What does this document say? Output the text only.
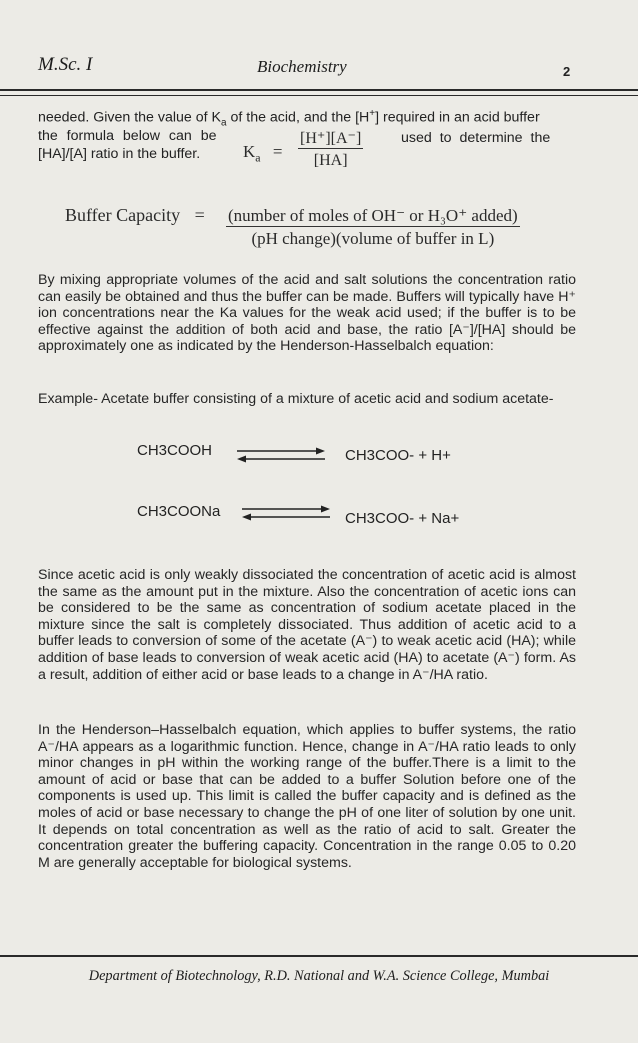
M.Sc. I	Biochemistry	2
needed. Given the value of $K_a$ of the acid, and the [H+] required in an acid buffer
the formula below can be
[HA]/[A] ratio in the buffer.
used to determine the
$K_a = \frac{[H^+][A^-]}{[HA]}$
Buffer Capacity = (number of moles of OH⁻ or H₃O⁺ added)
(pH change)(volume of buffer in L)

By mixing appropriate volumes of the acid and salt solutions the concentration ratio can easily be obtained and thus the buffer can be made. Buffers will typically have H⁺ ion concentrations near the Ka values for the weak acid used; if the buffer is to be effective against the addition of both acid and base, the ratio [A⁻]/[HA] should be approximately one as indicated by the Henderson-Hasselbalch equation:

Example- Acetate buffer consisting of a mixture of acetic acid and sodium acetate-

CH3COOH	CH3COO- + H+
CH3COONa	CH3COO- + Na+

Since acetic acid is only weakly dissociated the concentration of acetic acid is almost the same as the amount put in the mixture. Also the concentration of acetic ions can be considered to be the same as concentration of sodium acetate placed in the mixture since the salt is completely dissociated. Thus addition of acetic acid to a buffer leads to conversion of some of the acetate (A⁻) to weak acetic acid (HA); while addition of base leads to conversion of weak acetic acid (HA) to acetate (A⁻) form. As a result, addition of either acid or base leads to a change in A⁻/HA ratio.

In the Henderson–Hasselbalch equation, which applies to buffer systems, the ratio A⁻/HA appears as a logarithmic function. Hence, change in A⁻/HA ratio leads to only minor changes in pH within the working range of the buffer.There is a limit to the amount of acid or base that can be added to a buffer Solution before one of the components is used up. This limit is called the buffer capacity and is defined as the moles of acid or base necessary to change the pH of one liter of solution by one unit. It depends on total concentration as well as the ratio of acid to salt. Greater the concentration greater the buffering capacity. Concentration in the range 0.05 to 0.20 M are generally acceptable for biological systems.

Department of Biotechnology, R.D. National and W.A. Science College, Mumbai
